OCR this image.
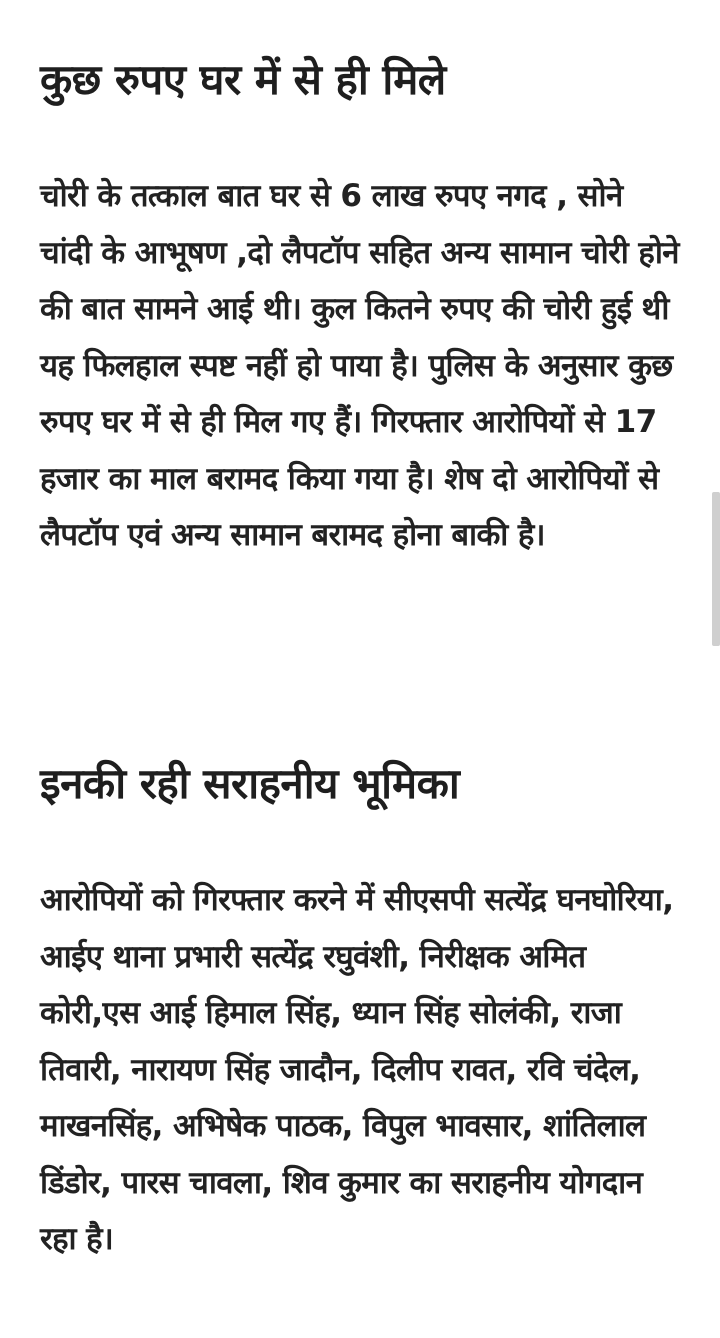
कुछ रुपए घर में से ही मिले

चोरी के तत्काल बात घर से 6 लाख रुपए नगद , सोने चांदी के आभूषण ,दो लैपटॉप सहित अन्य सामान चोरी होने की बात सामने आई थी। कुल कितने रुपए की चोरी हुई थी यह फिलहाल स्पष्ट नहीं हो पाया है। पुलिस के अनुसार कुछ रुपए घर में से ही मिल गए हैं। गिरफ्तार आरोपियों से 17 हजार का माल बरामद किया गया है। शेष दो आरोपियों से लैपटॉप एवं अन्य सामान बरामद होना बाकी है।

इनकी रही सराहनीय भूमिका

आरोपियों को गिरफ्तार करने में सीएसपी सत्येंद्र घनघोरिया, आईए थाना प्रभारी सत्येंद्र रघुवंशी, निरीक्षक अमित कोरी,एस आई हिमाल सिंह, ध्यान सिंह सोलंकी, राजा तिवारी, नारायण सिंह जादौन, दिलीप रावत, रवि चंदेल, माखनसिंह, अभिषेक पाठक, विपुल भावसार, शांतिलाल डिंडोर, पारस चावला, शिव कुमार का सराहनीय योगदान रहा है।
